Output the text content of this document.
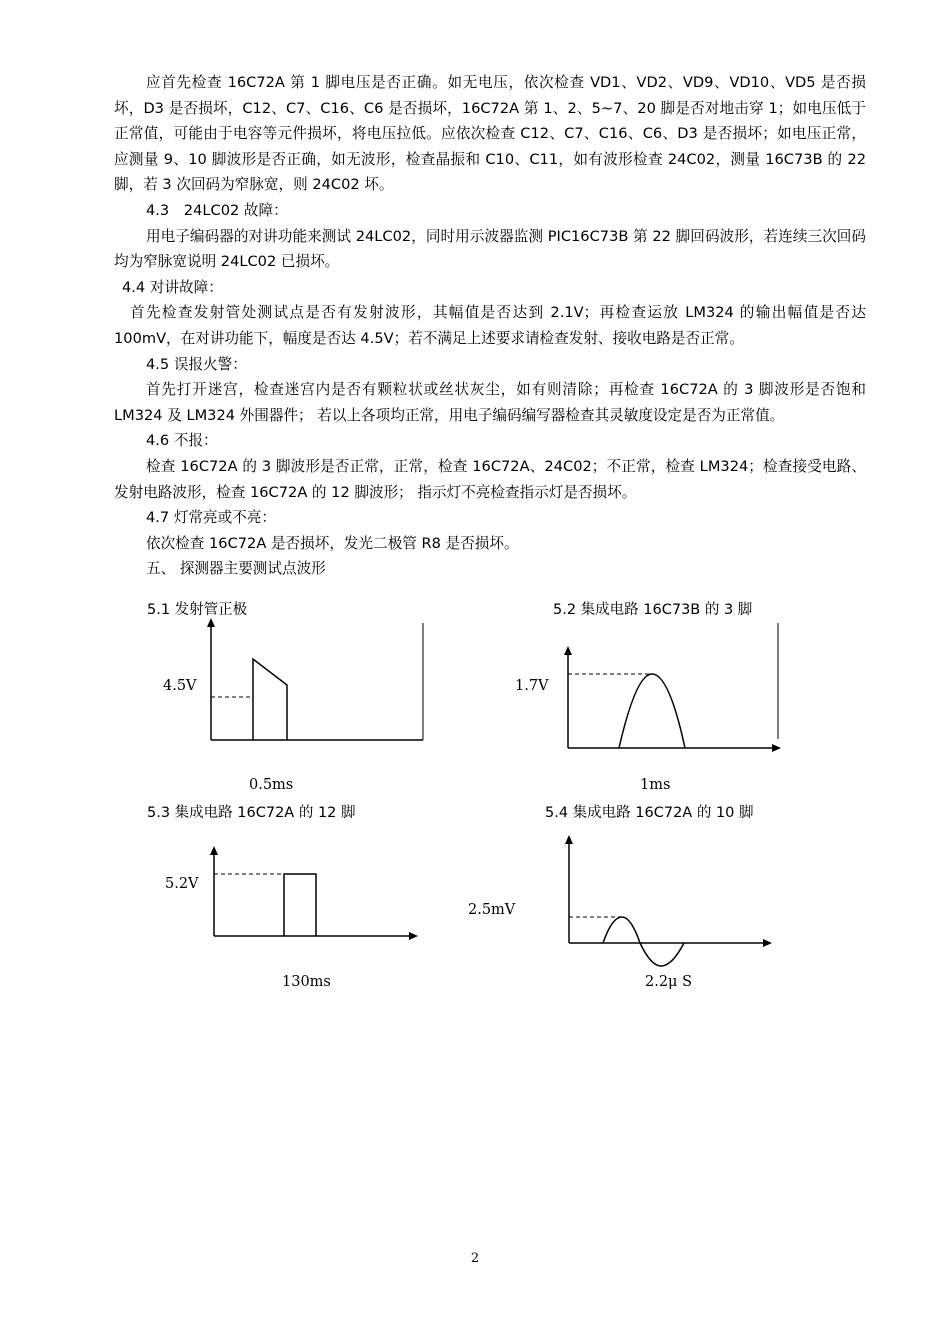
应首先检查 16C72A 第 1 脚电压是否正确。如无电压，依次检查 VD1、VD2、VD9、VD10、VD5 是否损坏，D3 是否损坏，C12、C7、C16、C6 是否损坏，16C72A 第 1、2、5~7、20 脚是否对地击穿 1；如电压低于正常值，可能由于电容等元件损坏，将电压拉低。应依次检查 C12、C7、C16、C6、D3 是否损坏；如电压正常，应测量 9、10 脚波形是否正确，如无波形，检查晶振和 C10、C11，如有波形检查 24C02，测量 16C73B 的 22 脚，若 3 次回码为窄脉宽，则 24C02 坏。

4.3　24LC02 故障：

用电子编码器的对讲功能来测试 24LC02，同时用示波器监测 PIC16C73B 第 22 脚回码波形，若连续三次回码均为窄脉宽说明 24LC02 已损坏。

4.4 对讲故障：

首先检查发射管处测试点是否有发射波形，其幅值是否达到 2.1V；再检查运放 LM324 的输出幅值是否达 100mV，在对讲功能下，幅度是否达 4.5V；若不满足上述要求请检查发射、接收电路是否正常。

4.5 误报火警：

首先打开迷宫，检查迷宫内是否有颗粒状或丝状灰尘，如有则清除；再检查 16C72A 的 3 脚波形是否饱和 LM324 及 LM324 外围器件； 若以上各项均正常，用电子编码编写器检查其灵敏度设定是否为正常值。

4.6 不报：

检查 16C72A 的 3 脚波形是否正常，正常，检查 16C72A、24C02；不正常，检查 LM324；检查接受电路、发射电路波形，检查 16C72A 的 12 脚波形； 指示灯不亮检查指示灯是否损坏。

4.7 灯常亮或不亮：

依次检查 16C72A 是否损坏，发光二极管 R8 是否损坏。

五、 探测器主要测试点波形

5.1 发射管正极
4.5V
0.5ms
5.2 集成电路 16C73B 的 3 脚
1.7V
1ms
5.3 集成电路 16C72A 的 12 脚
5.2V
130ms
5.4 集成电路 16C72A 的 10 脚
2.5mV
2.2μ S
2
